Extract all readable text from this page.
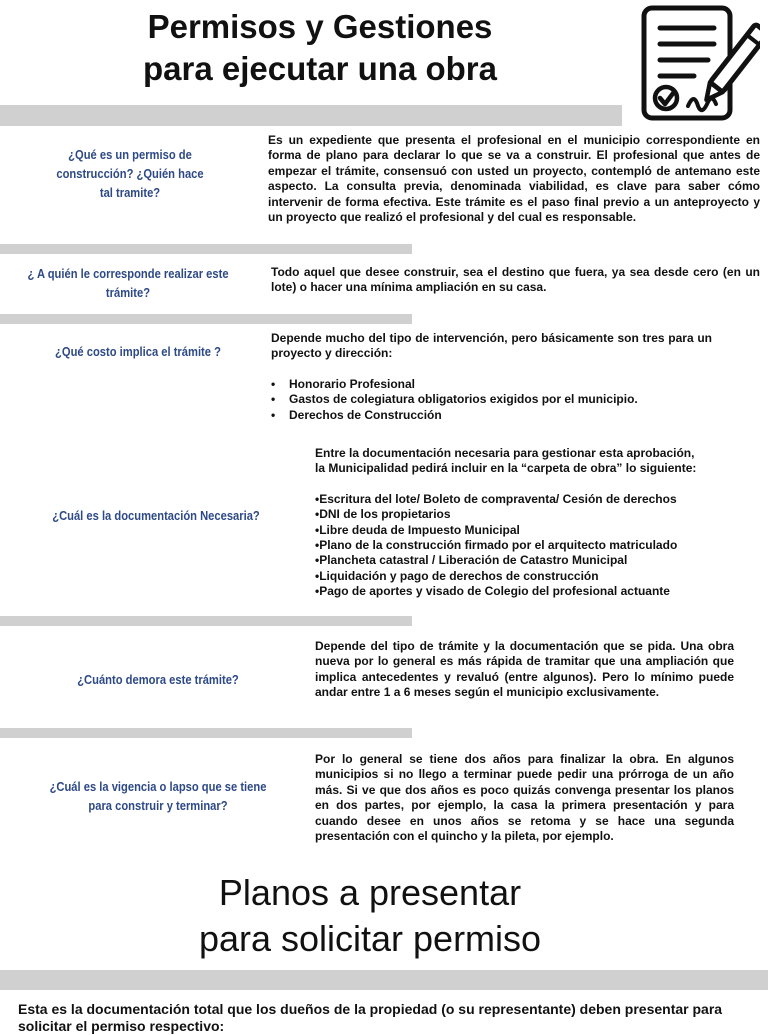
Permisos y Gestiones
para ejecutar una obra
¿Qué es un permiso de construcción? ¿Quién hace tal tramite?
Es un expediente que presenta el profesional en el municipio correspondiente en forma de plano para declarar lo que se va a construir. El profesional que antes de empezar el trámite, consensuó con usted un proyecto, contempló de antemano este aspecto. La consulta previa, denominada viabilidad, es clave para saber cómo intervenir de forma efectiva. Este trámite es el paso final previo a un anteproyecto y un proyecto que realizó el profesional y del cual es responsable.
¿ A quién le corresponde realizar este trámite?
Todo aquel que desee construir, sea el destino que fuera, ya sea desde cero (en un lote) o hacer una mínima ampliación en su casa.
¿Qué costo implica el trámite ?

Depende mucho del tipo de intervención, pero básicamente son tres para un proyecto y dirección:

• Honorario Profesional
• Gastos de colegiatura obligatorios exigidos por el municipio.
• Derechos de Construcción
¿Cuál es la documentación Necesaria?

Entre la documentación necesaria para gestionar esta aprobación,

la Municipalidad pedirá incluir en la “carpeta de obra” lo siguiente:

•Escritura del lote/ Boleto de compraventa/ Cesión de derechos
•DNI de los propietarios
•Libre deuda de Impuesto Municipal
•Plano de la construcción firmado por el arquitecto matriculado
•Plancheta catastral / Liberación de Catastro Municipal
•Liquidación y pago de derechos de construcción
•Pago de aportes y visado de Colegio del profesional actuante
¿Cuánto demora este trámite?
Depende del tipo de trámite y la documentación que se pida. Una obra nueva por lo general es más rápida de tramitar que una ampliación que implica antecedentes y revaluó (entre algunos). Pero lo mínimo puede andar entre 1 a 6 meses según el municipio exclusivamente.
¿Cuál es la vigencia o lapso que se tiene para construir y terminar?
Por lo general se tiene dos años para finalizar la obra. En algunos municipios si no llego a terminar puede pedir una prórroga de un año más. Si ve que dos años es poco quizás convenga presentar los planos en dos partes, por ejemplo, la casa la primera presentación y para cuando desee en unos años se retoma y se hace una segunda presentación con el quincho y la pileta, por ejemplo.
Planos a presentar
para solicitar permiso

Esta es la documentación total que los dueños de la propiedad (o su representante) deben presentar para solicitar el permiso respectivo:
